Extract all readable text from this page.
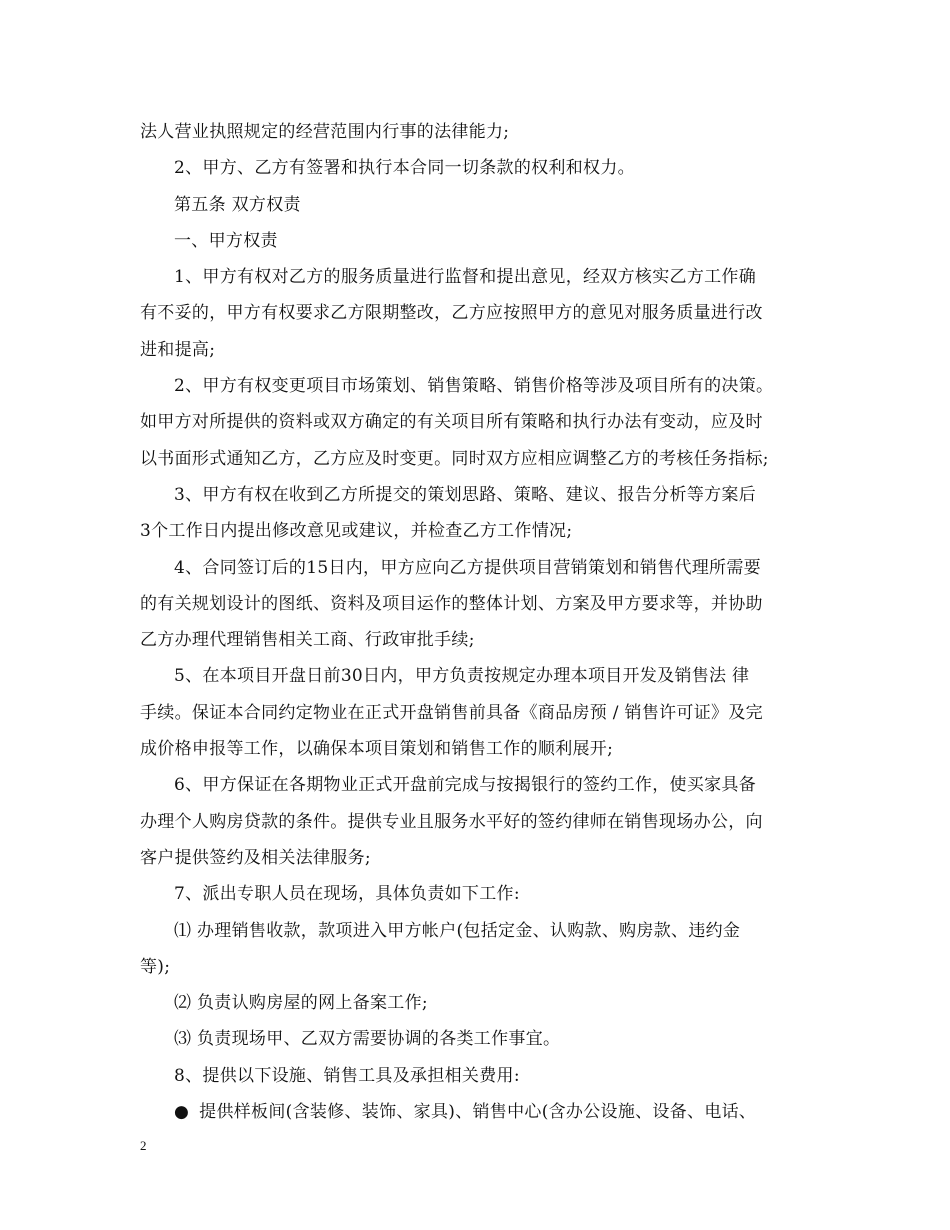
法人营业执照规定的经营范围内行事的法律能力;
2、甲方、乙方有签署和执行本合同一切条款的权利和权力。
第五条 双方权责
一、甲方权责
1、甲方有权对乙方的服务质量进行监督和提出意见，经双方核实乙方工作确
有不妥的，甲方有权要求乙方限期整改，乙方应按照甲方的意见对服务质量进行改
进和提高;
2、甲方有权变更项目市场策划、销售策略、销售价格等涉及项目所有的决策。
如甲方对所提供的资料或双方确定的有关项目所有策略和执行办法有变动，应及时
以书面形式通知乙方，乙方应及时变更。同时双方应相应调整乙方的考核任务指标;
3、甲方有权在收到乙方所提交的策划思路、策略、建议、报告分析等方案后
3个工作日内提出修改意见或建议，并检查乙方工作情况;
4、合同签订后的15日内，甲方应向乙方提供项目营销策划和销售代理所需要
的有关规划设计的图纸、资料及项目运作的整体计划、方案及甲方要求等，并协助
乙方办理代理销售相关工商、行政审批手续;
5、在本项目开盘日前30日内，甲方负责按规定办理本项目开发及销售法 律
手续。保证本合同约定物业在正式开盘销售前具备《商品房预 / 销售许可证》及完
成价格申报等工作，以确保本项目策划和销售工作的顺利展开;
6、甲方保证在各期物业正式开盘前完成与按揭银行的签约工作，使买家具备
办理个人购房贷款的条件。提供专业且服务水平好的签约律师在销售现场办公，向
客户提供签约及相关法律服务;
7、派出专职人员在现场，具体负责如下工作:
⑴ 办理销售收款，款项进入甲方帐户(包括定金、认购款、购房款、违约金
等);
⑵ 负责认购房屋的网上备案工作;
⑶ 负责现场甲、乙双方需要协调的各类工作事宜。
8、提供以下设施、销售工具及承担相关费用:
● 提供样板间(含装修、装饰、家具)、销售中心(含办公设施、设备、电话、
2
